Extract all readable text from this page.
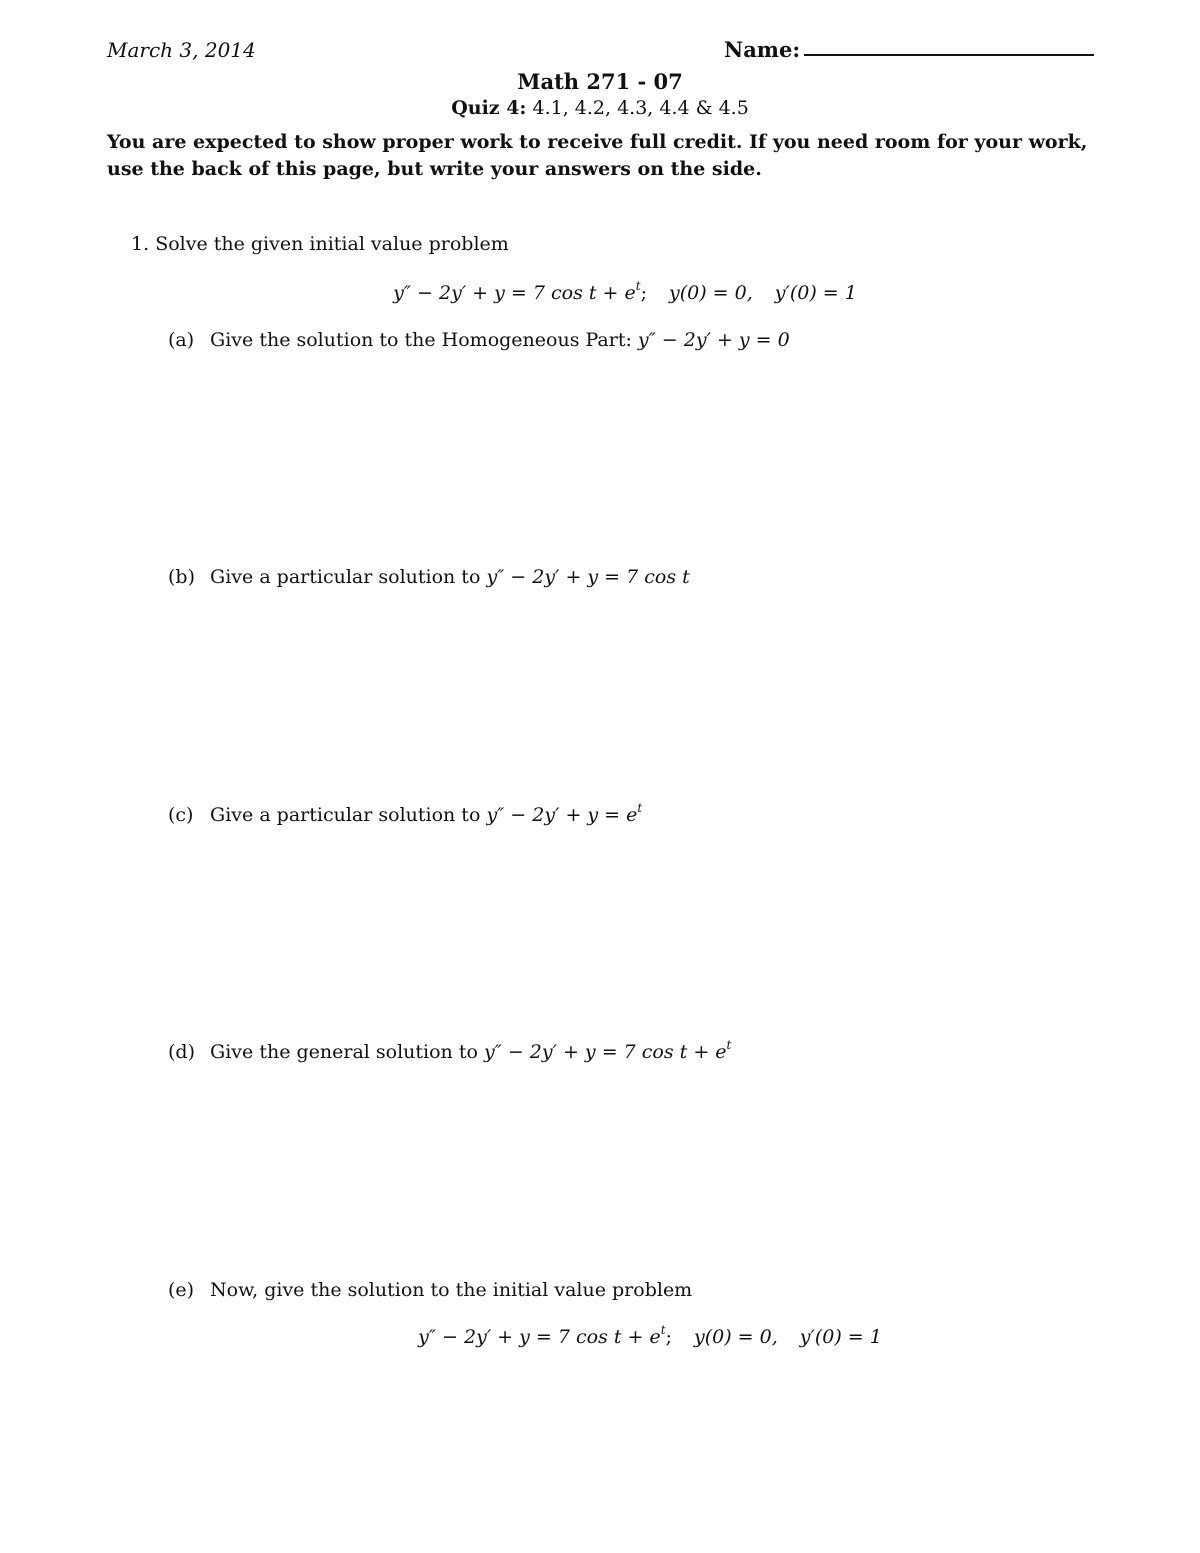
March 3, 2014	Name:
Math 271 - 07
Quiz 4: 4.1, 4.2, 4.3, 4.4 & 4.5
You are expected to show proper work to receive full credit. If you need room for your work, use the back of this page, but write your answers on the side.
1. Solve the given initial value problem
y″ − 2y′ + y = 7 $\cos t + e^t$; y(0) = 0, y′(0) = 1
(a) Give the solution to the Homogeneous Part: y″ − 2y′ + y = 0
(b) Give a particular solution to y″ − 2y′ + y = 7 cos t
(c) Give a particular solution to $y'' - 2y' + y = e^t$
(d) Give the general solution to y″ − 2y′ + y = 7 $\cos t + e^t$
(e) Now, give the solution to the initial value problem
y″ − 2y′ + y = 7 $\cos t + e^t$; y(0) = 0, y′(0) = 1
